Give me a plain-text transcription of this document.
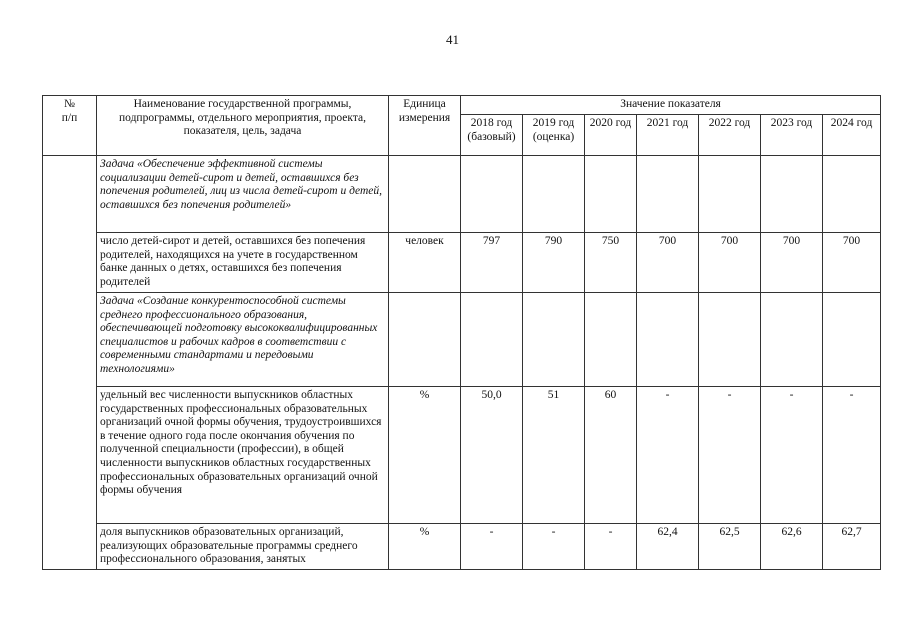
41
№
п/п	Наименование государственной программы, подпрограммы, отдельного мероприятия, проекта, показателя, цель, задача	Единица измерения	Значение показателя						
			2018 год (базовый)	2019 год (оценка)	2020 год	2021 год	2022 год	2023 год	2024 год
	Задача «Обеспечение эффективной системы социализации детей-сирот и детей, оставшихся без попечения родителей, лиц из числа детей-сирот и детей, оставшихся без попечения родителей»								
	число детей-сирот и детей, оставшихся без попечения родителей, находящихся на учете в государственном банке данных о детях, оставшихся без попечения родителей	человек	797	790	750	700	700	700	700
	Задача «Создание конкурентоспособной системы среднего профессионального образования, обеспечивающей подготовку высококвалифицированных специалистов и рабочих кадров в соответствии с современными стандартами и передовыми технологиями»								
	удельный вес численности выпускников областных государственных профессиональных образовательных организаций очной формы обучения, трудоустроившихся в течение одного года после окончания обучения по полученной специальности (профессии), в общей численности выпускников областных государственных профессиональных образовательных организаций очной формы обучения	%	50,0	51	60	-	-	-	-
	доля выпускников образовательных организаций, реализующих образовательные программы среднего профессионального образования, занятых	%	-	-	-	62,4	62,5	62,6	62,7
